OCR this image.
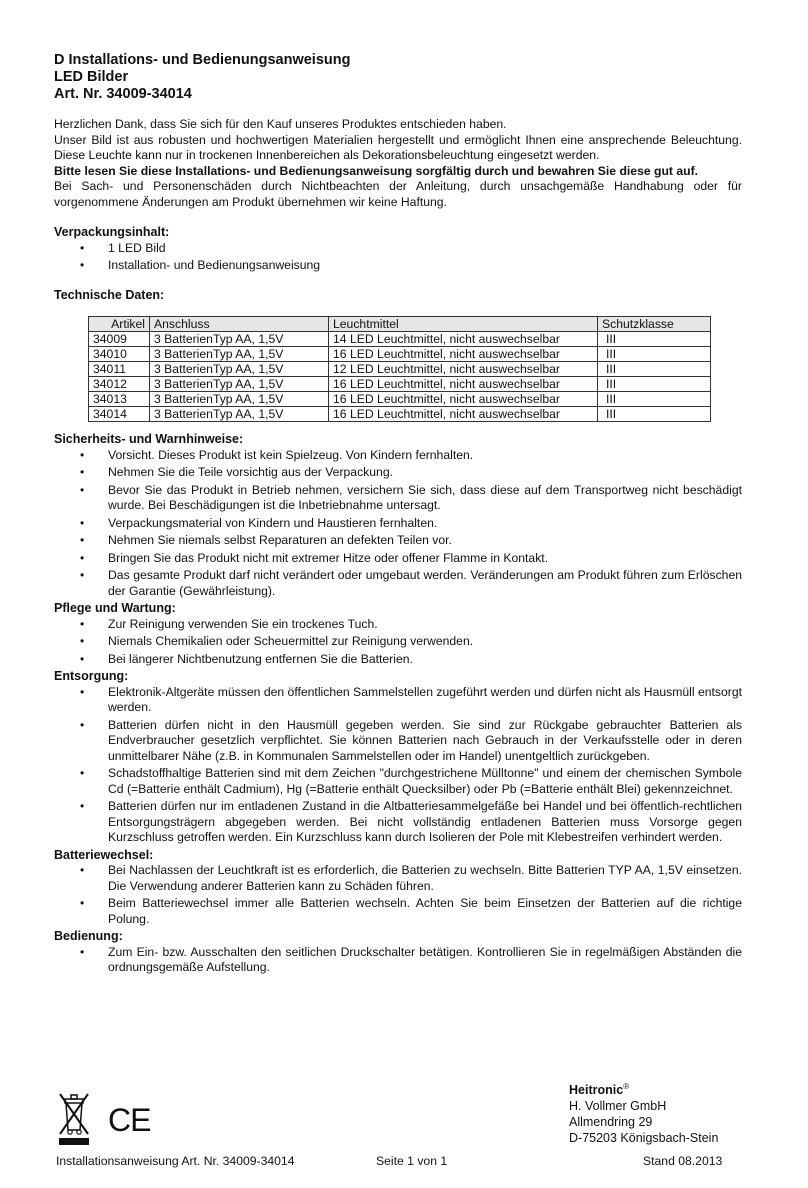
D Installations- und Bedienungsanweisung
LED Bilder
Art. Nr. 34009-34014

Herzlichen Dank, dass Sie sich für den Kauf unseres Produktes entschieden haben.

Unser Bild ist aus robusten und hochwertigen Materialien hergestellt und ermöglicht Ihnen eine ansprechende Beleuchtung. Diese Leuchte kann nur in trockenen Innenbereichen als Dekorationsbeleuchtung eingesetzt werden.

Bitte lesen Sie diese Installations- und Bedienungsanweisung sorgfältig durch und bewahren Sie diese gut auf.

Bei Sach- und Personenschäden durch Nichtbeachten der Anleitung, durch unsachgemäße Handhabung oder für vorgenommene Änderungen am Produkt übernehmen wir keine Haftung.

Verpackungsinhalt:
• 1 LED Bild
• Installation- und Bedienungsanweisung
Technische Daten:
Artikel	Anschluss	Leuchtmittel	Schutzklasse
34009	3 BatterienTyp AA, 1,5V	14 LED Leuchtmittel, nicht auswechselbar	III
34010	3 BatterienTyp AA, 1,5V	16 LED Leuchtmittel, nicht auswechselbar	III
34011	3 BatterienTyp AA, 1,5V	12 LED Leuchtmittel, nicht auswechselbar	III
34012	3 BatterienTyp AA, 1,5V	16 LED Leuchtmittel, nicht auswechselbar	III
34013	3 BatterienTyp AA, 1,5V	16 LED Leuchtmittel, nicht auswechselbar	III
34014	3 BatterienTyp AA, 1,5V	16 LED Leuchtmittel, nicht auswechselbar	III
Sicherheits- und Warnhinweise:
• Vorsicht. Dieses Produkt ist kein Spielzeug. Von Kindern fernhalten.
• Nehmen Sie die Teile vorsichtig aus der Verpackung.
• Bevor Sie das Produkt in Betrieb nehmen, versichern Sie sich, dass diese auf dem Transportweg nicht beschädigt wurde. Bei Beschädigungen ist die Inbetriebnahme untersagt.
• Verpackungsmaterial von Kindern und Haustieren fernhalten.
• Nehmen Sie niemals selbst Reparaturen an defekten Teilen vor.
• Bringen Sie das Produkt nicht mit extremer Hitze oder offener Flamme in Kontakt.
• Das gesamte Produkt darf nicht verändert oder umgebaut werden. Veränderungen am Produkt führen zum Erlöschen der Garantie (Gewährleistung).
Pflege und Wartung:
• Zur Reinigung verwenden Sie ein trockenes Tuch.
• Niemals Chemikalien oder Scheuermittel zur Reinigung verwenden.
• Bei längerer Nichtbenutzung entfernen Sie die Batterien.
Entsorgung:
• Elektronik-Altgeräte müssen den öffentlichen Sammelstellen zugeführt werden und dürfen nicht als Hausmüll entsorgt werden.
• Batterien dürfen nicht in den Hausmüll gegeben werden. Sie sind zur Rückgabe gebrauchter Batterien als Endverbraucher gesetzlich verpflichtet. Sie können Batterien nach Gebrauch in der Verkaufsstelle oder in deren unmittelbarer Nähe (z.B. in Kommunalen Sammelstellen oder im Handel) unentgeltlich zurückgeben.
• Schadstoffhaltige Batterien sind mit dem Zeichen "durchgestrichene Mülltonne" und einem der chemischen Symbole Cd (=Batterie enthält Cadmium), Hg (=Batterie enthält Quecksilber) oder Pb (=Batterie enthält Blei) gekennzeichnet.
• Batterien dürfen nur im entladenen Zustand in die Altbatteriesammelgefäße bei Handel und bei öffentlich-rechtlichen Entsorgungsträgern abgegeben werden. Bei nicht vollständig entladenen Batterien muss Vorsorge gegen Kurzschluss getroffen werden. Ein Kurzschluss kann durch Isolieren der Pole mit Klebestreifen verhindert werden.
Batteriewechsel:
• Bei Nachlassen der Leuchtkraft ist es erforderlich, die Batterien zu wechseln. Bitte Batterien TYP AA, 1,5V einsetzen. Die Verwendung anderer Batterien kann zu Schäden führen.
• Beim Batteriewechsel immer alle Batterien wechseln. Achten Sie beim Einsetzen der Batterien auf die richtige Polung.
Bedienung:
• Zum Ein- bzw. Ausschalten den seitlichen Druckschalter betätigen. Kontrollieren Sie in regelmäßigen Abständen die ordnungsgemäße Aufstellung.
CE
Heitronic®
H. Vollmer GmbH
Allmendring 29
D-75203 Königsbach-Stein
Installationsanweisung Art. Nr. 34009-34014	Seite 1 von 1	Stand 08.2013
